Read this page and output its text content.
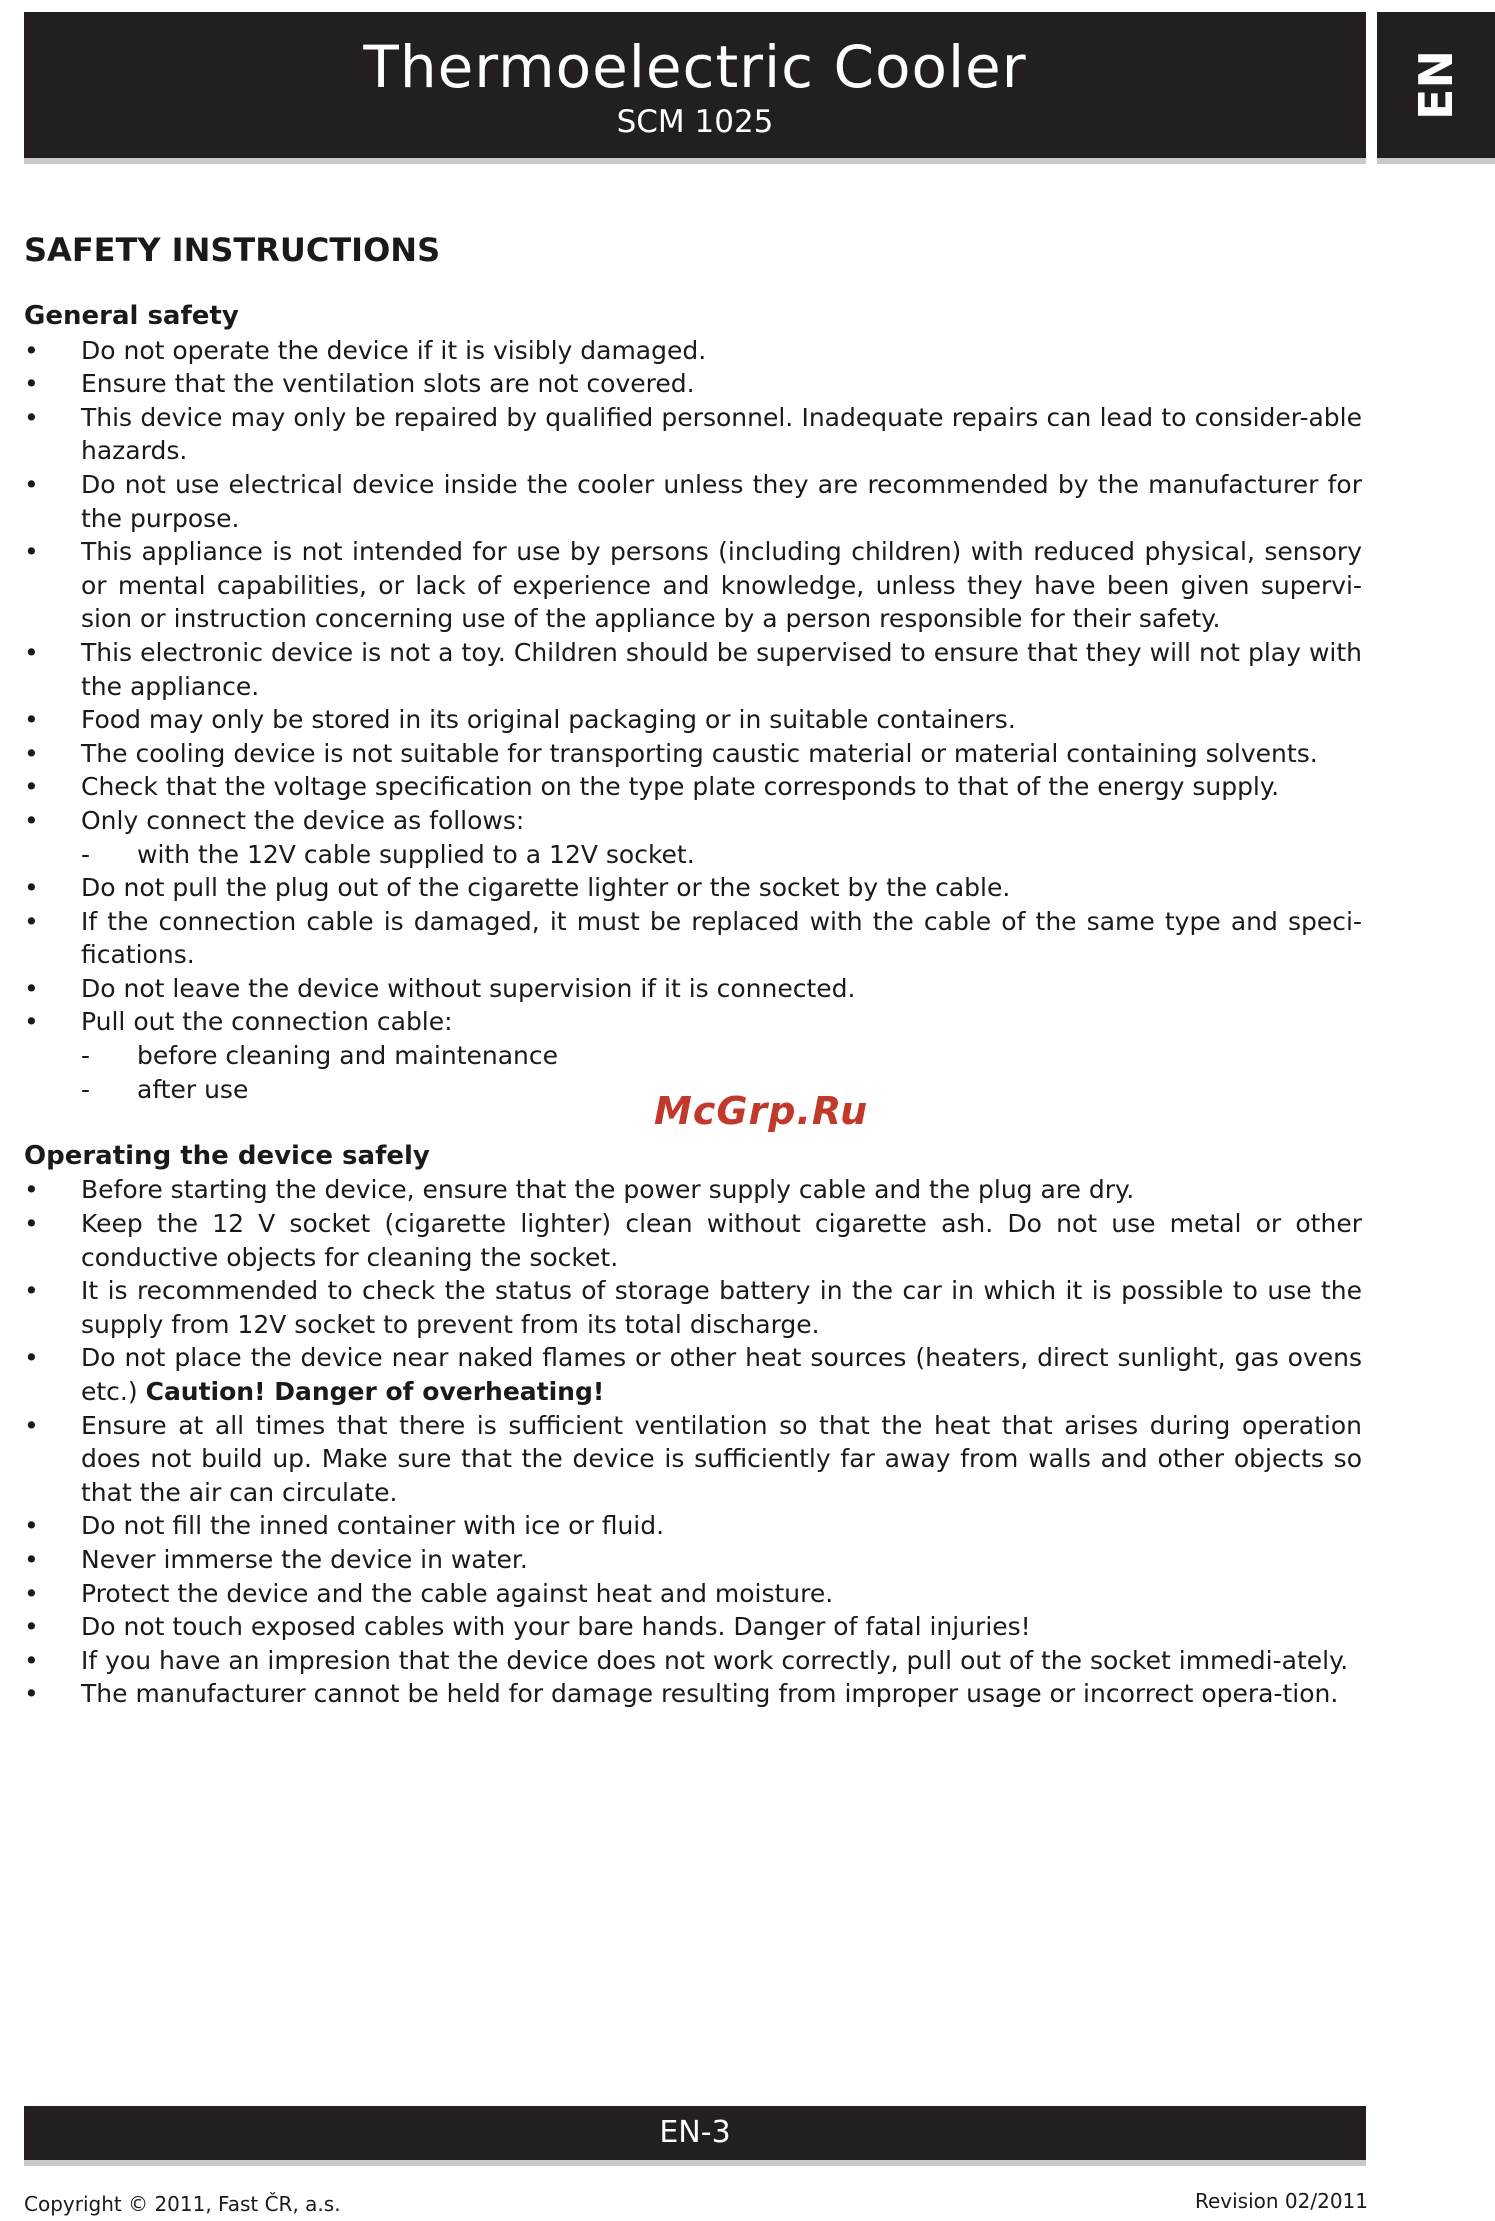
Thermoelectric Cooler
SCM 1025
EN
SAFETY INSTRUCTIONS
General safety
•	Do not operate the device if it is visibly damaged.
•	Ensure that the ventilation slots are not covered.
•	This device may only be repaired by qualified personnel. Inadequate repairs can lead to consider-able hazards.
•	Do not use electrical device inside the cooler unless they are recommended by the manufacturer for the purpose.
•	This appliance is not intended for use by persons (including children) with reduced physical, sensory or mental capabilities, or lack of experience and knowledge, unless they have been given supervi-sion or instruction concerning use of the appliance by a person responsible for their safety.
•	This electronic device is not a toy. Children should be supervised to ensure that they will not play with the appliance.
•	Food may only be stored in its original packaging or in suitable containers.
•	The cooling device is not suitable for transporting caustic material or material containing solvents.
•	Check that the voltage specification on the type plate corresponds to that of the energy supply.
•	Only connect the device as follows:
-	with the 12V cable supplied to a 12V socket.
•	Do not pull the plug out of the cigarette lighter or the socket by the cable.
•	If the connection cable is damaged, it must be replaced with the cable of the same type and speci-fications.
•	Do not leave the device without supervision if it is connected.
•	Pull out the connection cable:
-	before cleaning and maintenance
-	after use
Operating the device safely
•	Before starting the device, ensure that the power supply cable and the plug are dry.
•	Keep the 12 V socket (cigarette lighter) clean without cigarette ash. Do not use metal or other conductive objects for cleaning the socket.
•	It is recommended to check the status of storage battery in the car in which it is possible to use the supply from 12V socket to prevent from its total discharge.
•	Do not place the device near naked flames or other heat sources (heaters, direct sunlight, gas ovens etc.) Caution! Danger of overheating!
•	Ensure at all times that there is sufficient ventilation so that the heat that arises during operation does not build up. Make sure that the device is sufficiently far away from walls and other objects so that the air can circulate.
•	Do not fill the inned container with ice or fluid.
•	Never immerse the device in water.
•	Protect the device and the cable against heat and moisture.
•	Do not touch exposed cables with your bare hands. Danger of fatal injuries!
•	If you have an impresion that the device does not work correctly, pull out of the socket immedi-ately.
•	The manufacturer cannot be held for damage resulting from improper usage or incorrect opera-tion.
McGrp.Ru
EN-3
Copyright © 2011, Fast ČR, a.s.	Revision 02/2011
